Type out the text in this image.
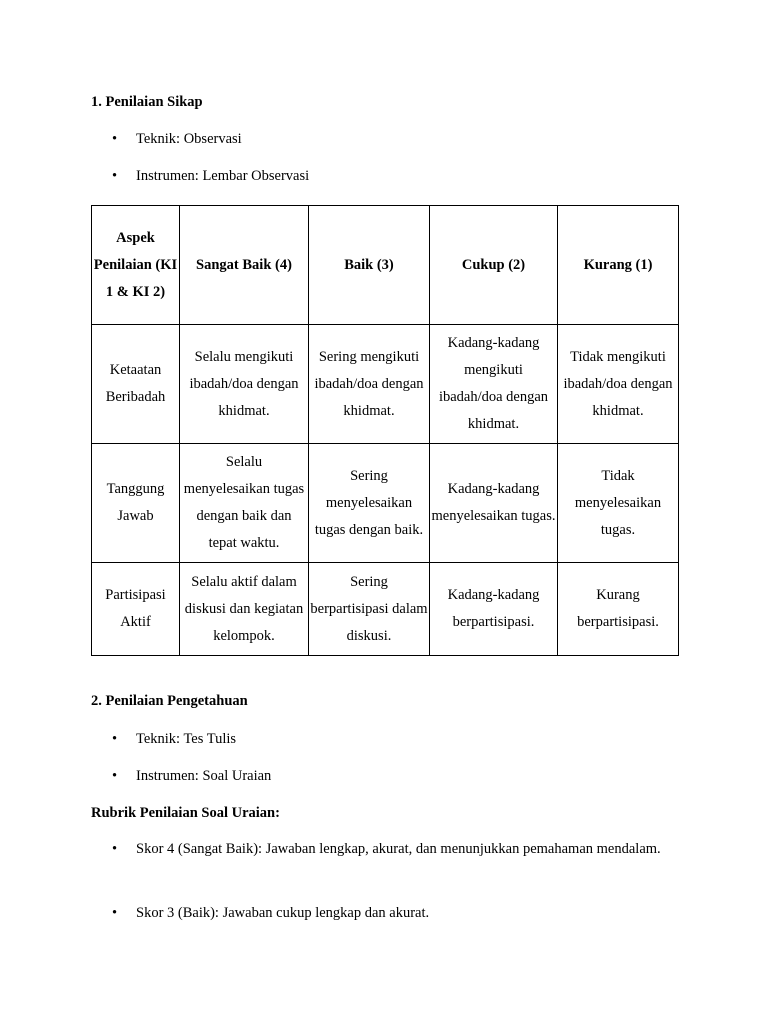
1. Penilaian Sikap
• Teknik: Observasi
• Instrumen: Lembar Observasi
Aspek Penilaian (KI 1 & KI 2)	Sangat Baik (4)	Baik (3)	Cukup (2)	Kurang (1)
Ketaatan Beribadah	Selalu mengikuti ibadah/doa dengan khidmat.	Sering mengikuti ibadah/doa dengan khidmat.	Kadang-kadang mengikuti ibadah/doa dengan khidmat.	Tidak mengikuti ibadah/doa dengan khidmat.
Tanggung Jawab	Selalu menyelesaikan tugas dengan baik dan tepat waktu.	Sering menyelesaikan tugas dengan baik.	Kadang-kadang menyelesaikan tugas.	Tidak menyelesaikan tugas.
Partisipasi Aktif	Selalu aktif dalam diskusi dan kegiatan kelompok.	Sering berpartisipasi dalam diskusi.	Kadang-kadang berpartisipasi.	Kurang berpartisipasi.
2. Penilaian Pengetahuan
• Teknik: Tes Tulis
• Instrumen: Soal Uraian
Rubrik Penilaian Soal Uraian:
• Skor 4 (Sangat Baik): Jawaban lengkap, akurat, dan menunjukkan pemahaman mendalam.
• Skor 3 (Baik): Jawaban cukup lengkap dan akurat.
